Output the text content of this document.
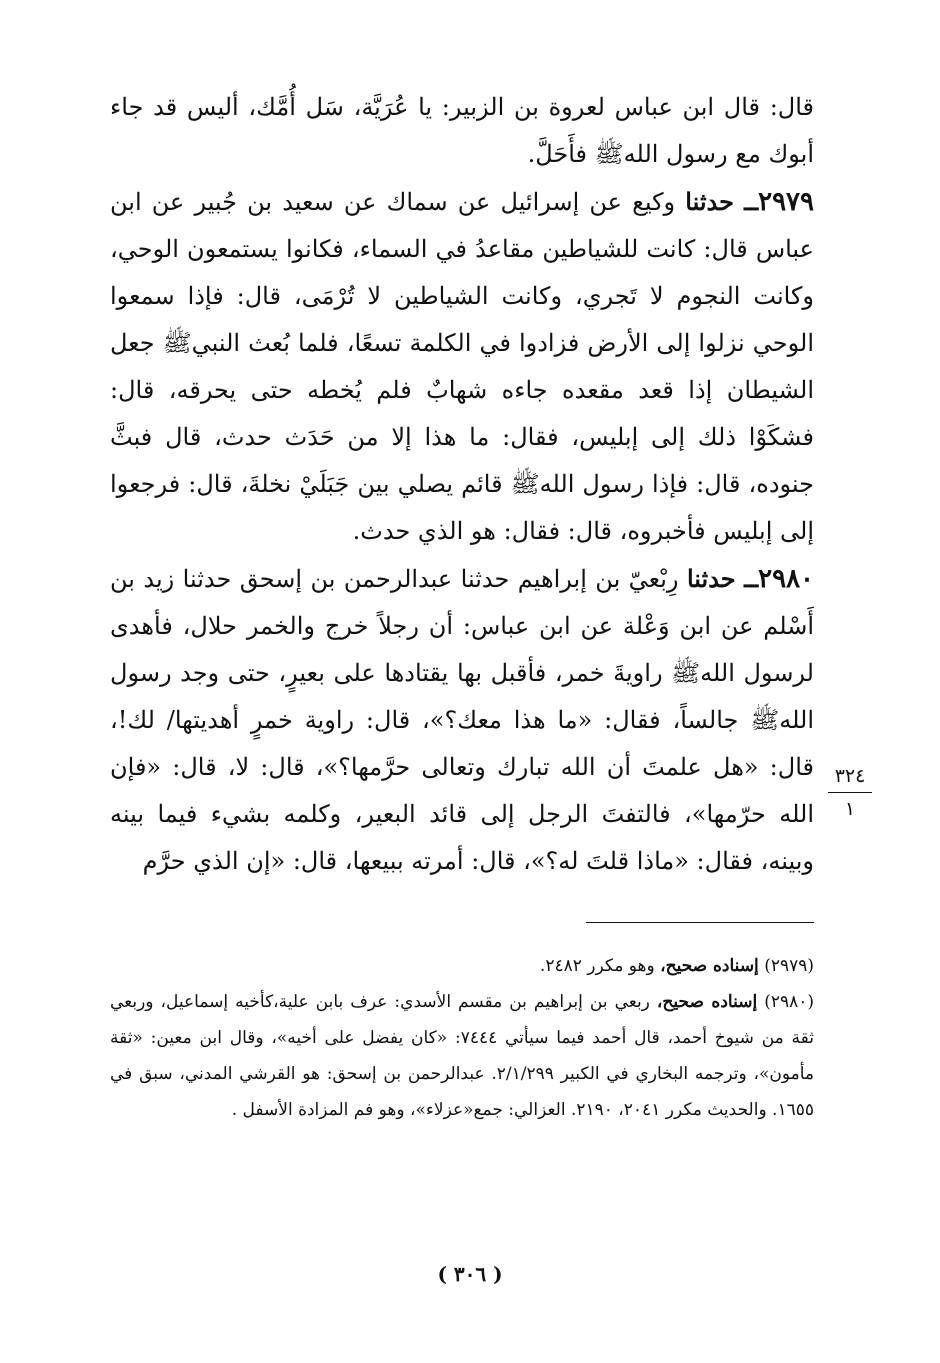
قال: قال ابن عباس لعروة بن الزبير: يا عُرَيَّة، سَل أُمَّك، أليس قد جاء أبوك مع رسول اللهﷺ فأَحَلَّ.

٢٩٧٩ــ حدثنا وكيع عن إسرائيل عن سماك عن سعيد بن جُبير عن ابن عباس قال: كانت للشياطين مقاعدُ في السماء، فكانوا يستمعون الوحي، وكانت النجوم لا تَجري، وكانت الشياطين لا تُرْمَى، قال: فإذا سمعوا الوحي نزلوا إلى الأرض فزادوا في الكلمة تسعًا، فلما بُعث النبيﷺ جعل الشيطان إذا قعد مقعده جاءه شهابٌ فلم يُخطه حتى يحرقه، قال: فشكَوْا ذلك إلى إبليس، فقال: ما هذا إلا من حَدَث حدث، قال فبثَّ جنوده، قال: فإذا رسول اللهﷺ قائم يصلي بين جَبَلَيْ نخلةَ، قال: فرجعوا إلى إبليس فأخبروه، قال: فقال: هو الذي حدث.

٢٩٨٠ــ حدثنا رِبْعيّ بن إبراهيم حدثنا عبدالرحمن بن إسحق حدثنا زيد بن أَسْلم عن ابن وَعْلة عن ابن عباس: أن رجلاً خرج والخمر حلال، فأهدى لرسول اللهﷺ راويةَ خمر، فأقبل بها يقتادها على بعيرٍ، حتى وجد رسول اللهﷺ جالساً، فقال: «ما هذا معك؟»، قال: راوية خمرٍ أهديتها/ لك!، قال: «هل علمتَ أن الله تبارك وتعالى حرَّمها؟»، قال: لا، قال: «فإن الله حرّمها»، فالتفتَ الرجل إلى قائد البعير، وكلمه بشيء فيما بينه وبينه، فقال: «ماذا قلتَ له؟»، قال: أمرته ببيعها، قال: «إن الذي حرَّم

٣٢٤
١

(٢٩٧٩) إسناده صحيح، وهو مكرر ٢٤٨٢.

(٢٩٨٠) إسناده صحيح، ربعي بن إبراهيم بن مقسم الأسدي: عرف بابن علية،كأخيه إسماعيل، وربعي ثقة من شيوخ أحمد، قال أحمد فيما سيأتي ٧٤٤٤: «كان يفضل على أخيه»، وقال ابن معين: «ثقة مأمون»، وترجمه البخاري في الكبير ٢/١/٢٩٩. عبدالرحمن بن إسحق: هو القرشي المدني، سبق في ١٦٥٥. والحديث مكرر ٢٠٤١، ٢١٩٠. العزالي: جمع«عزلاء»، وهو فم المزادة الأسفل .

( ٣٠٦ )
